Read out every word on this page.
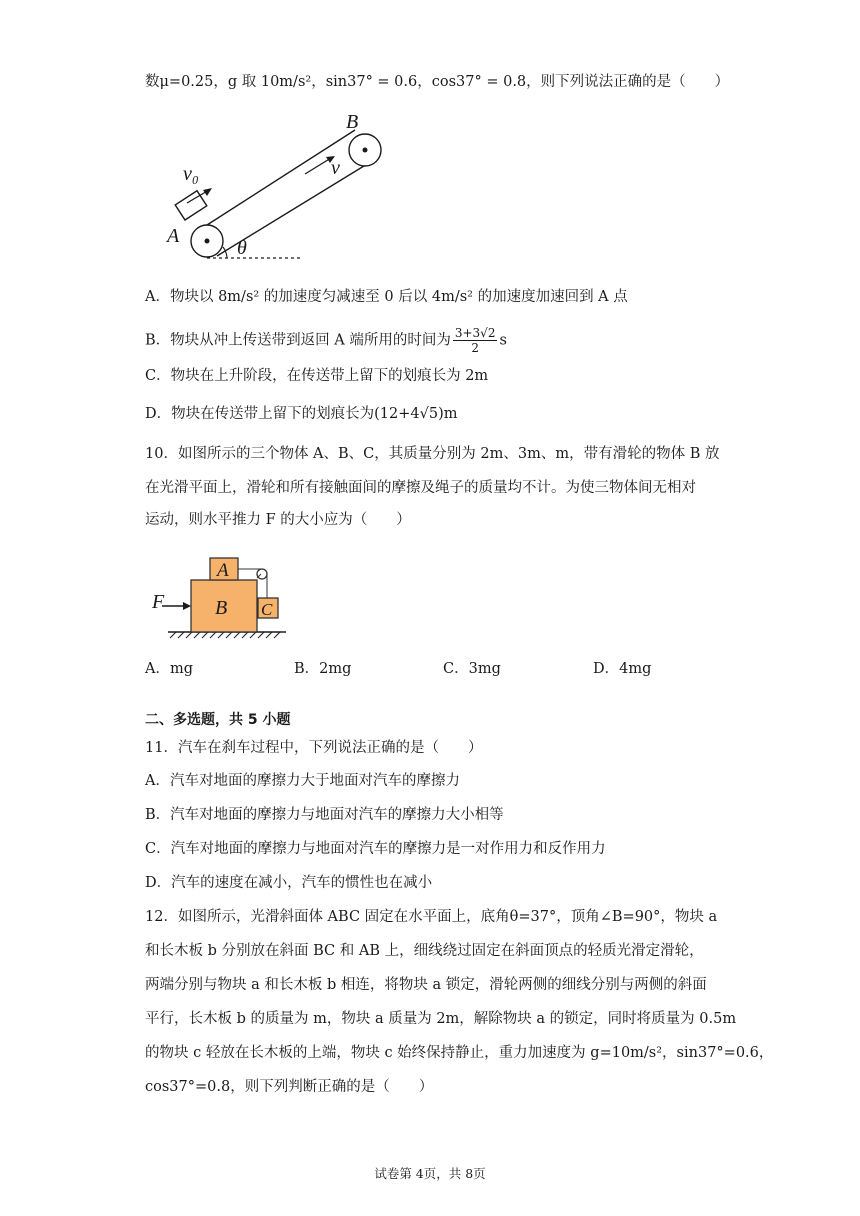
数μ=0.25，g 取 10m/s²，sin37° = 0.6，cos37° = 0.8，则下列说法正确的是（　　）
B
A
v₀	v
θ
A．物块以 8m/s² 的加速度匀减速至 0 后以 4m/s² 的加速度加速回到 A 点
B．物块从冲上传送带到返回 A 端所用的时间为 $\frac{3+3√2}{2}$ s
C．物块在上升阶段，在传送带上留下的划痕长为 2m
D．物块在传送带上留下的划痕长为(12+4√5)m
10．如图所示的三个物体 A、B、C，其质量分别为 2m、3m、m，带有滑轮的物体 B 放
在光滑平面上，滑轮和所有接触面间的摩擦及绳子的质量均不计。为使三物体间无相对
运动，则水平推力 F 的大小应为（　　）
F
A
B C
A．mg	B．2mg	C．3mg	D．4mg
二、多选题，共 5 小题
11．汽车在刹车过程中，下列说法正确的是（　　）
A．汽车对地面的摩擦力大于地面对汽车的摩擦力
B．汽车对地面的摩擦力与地面对汽车的摩擦力大小相等
C．汽车对地面的摩擦力与地面对汽车的摩擦力是一对作用力和反作用力
D．汽车的速度在减小，汽车的惯性也在减小
12．如图所示，光滑斜面体 ABC 固定在水平面上，底角θ=37°，顶角∠B=90°，物块 a
和长木板 b 分别放在斜面 BC 和 AB 上，细线绕过固定在斜面顶点的轻质光滑定滑轮，
两端分别与物块 a 和长木板 b 相连，将物块 a 锁定，滑轮两侧的细线分别与两侧的斜面
平行，长木板 b 的质量为 m，物块 a 质量为 2m，解除物块 a 的锁定，同时将质量为 0.5m
的物块 c 轻放在长木板的上端，物块 c 始终保持静止，重力加速度为 g=10m/s²，sin37°=0.6，
cos37°=0.8，则下列判断正确的是（　　）
试卷第 4页，共 8页
